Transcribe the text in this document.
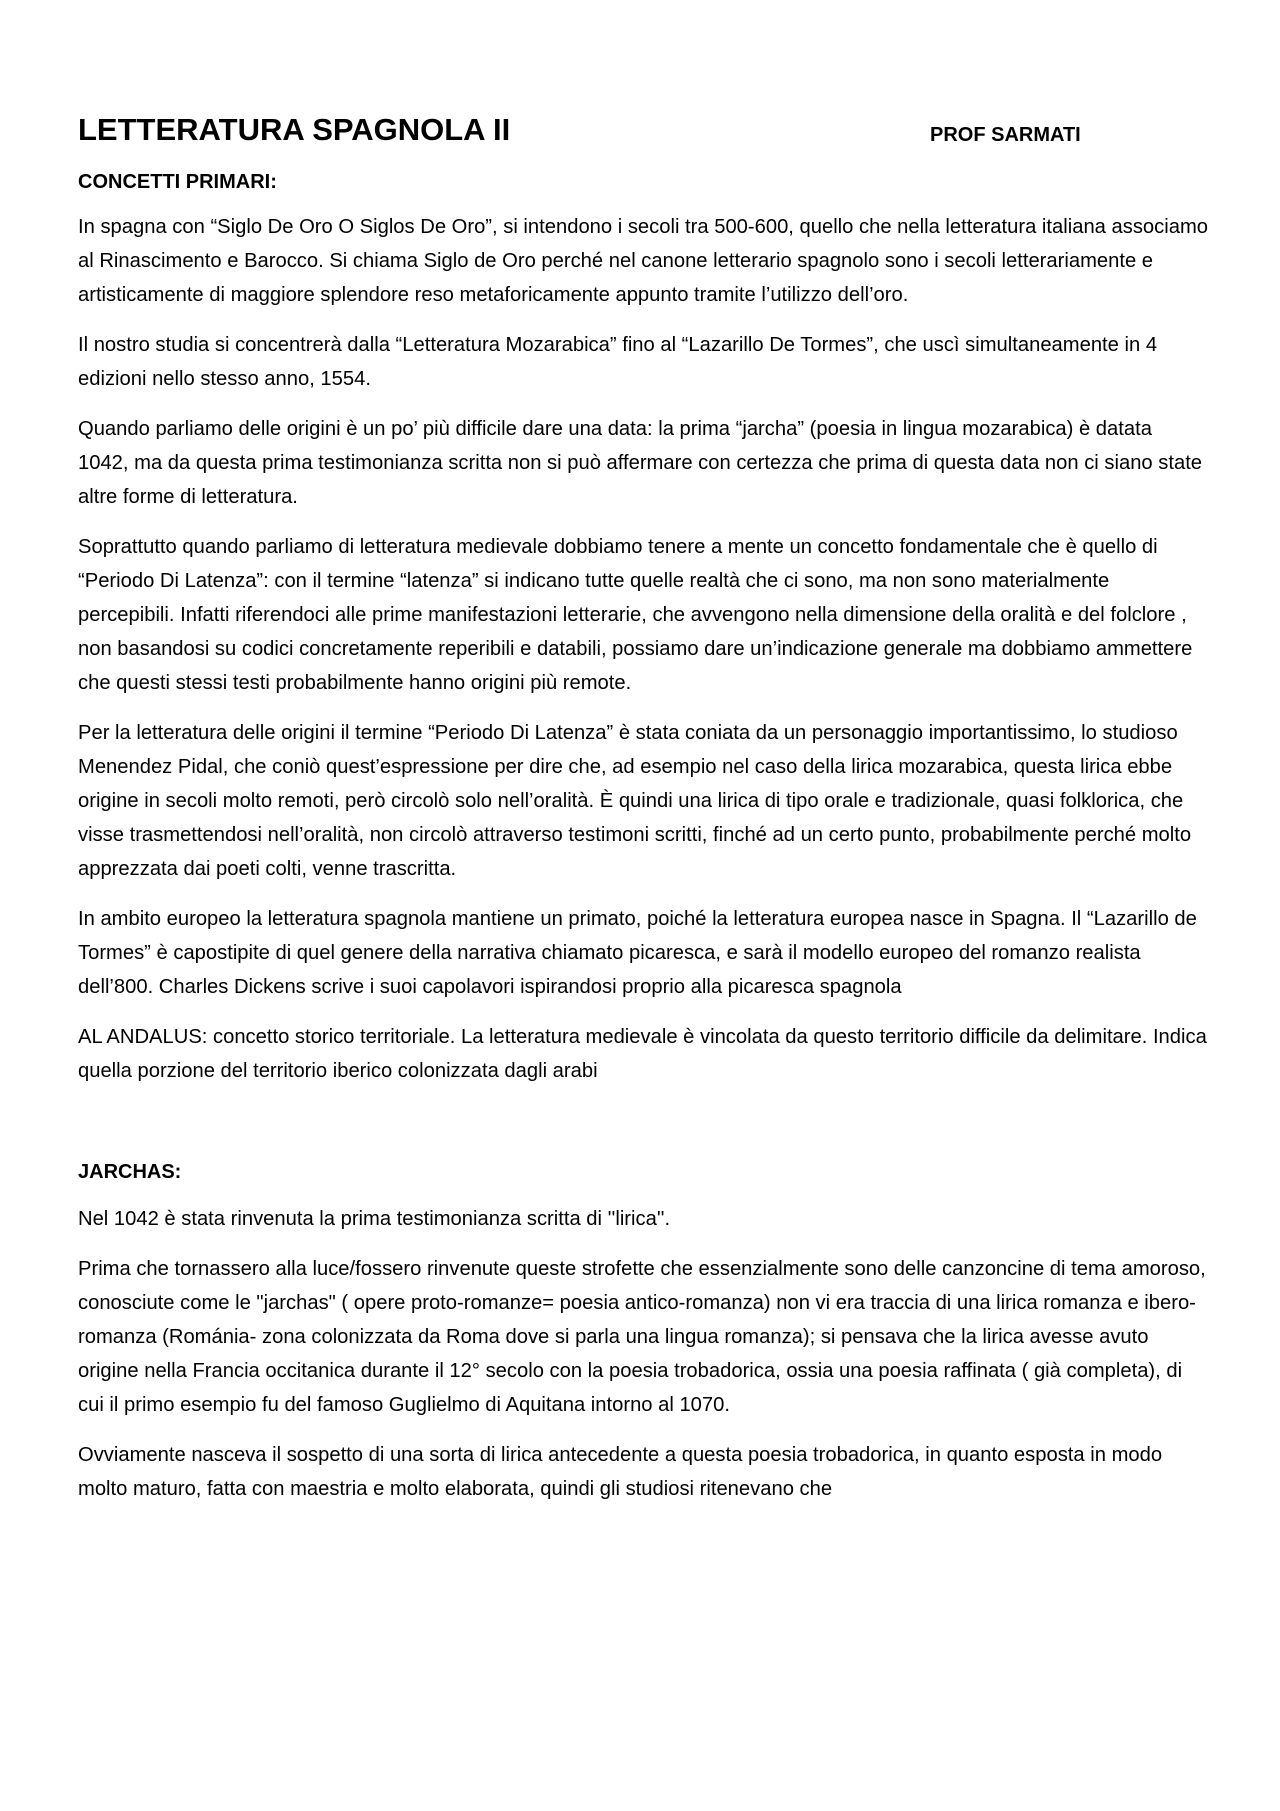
LETTERATURA SPAGNOLA II	PROF SARMATI
CONCETTI PRIMARI:

In spagna con “Siglo De Oro O Siglos De Oro”, si intendono i secoli tra 500-600, quello che nella letteratura italiana associamo al Rinascimento e Barocco. Si chiama Siglo de Oro perché nel canone letterario spagnolo sono i secoli letterariamente e artisticamente di maggiore splendore reso metaforicamente appunto tramite l’utilizzo dell’oro.

Il nostro studia si concentrerà dalla “Letteratura Mozarabica” fino al “Lazarillo De Tormes”, che uscì simultaneamente in 4 edizioni nello stesso anno, 1554.

Quando parliamo delle origini è un po’ più difficile dare una data: la prima “jarcha” (poesia in lingua mozarabica) è datata 1042, ma da questa prima testimonianza scritta non si può affermare con certezza che prima di questa data non ci siano state altre forme di letteratura.

Soprattutto quando parliamo di letteratura medievale dobbiamo tenere a mente un concetto fondamentale che è quello di “Periodo Di Latenza”: con il termine “latenza” si indicano tutte quelle realtà che ci sono, ma non sono materialmente percepibili. Infatti riferendoci alle prime manifestazioni letterarie, che avvengono nella dimensione della oralità e del folclore , non basandosi su codici concretamente reperibili e databili, possiamo dare un’indicazione generale ma dobbiamo ammettere che questi stessi testi probabilmente hanno origini più remote.

Per la letteratura delle origini il termine “Periodo Di Latenza” è stata coniata da un personaggio importantissimo, lo studioso Menendez Pidal, che coniò quest’espressione per dire che, ad esempio nel caso della lirica mozarabica, questa lirica ebbe origine in secoli molto remoti, però circolò solo nell’oralità. È quindi una lirica di tipo orale e tradizionale, quasi folklorica, che visse trasmettendosi nell’oralità, non circolò attraverso testimoni scritti, finché ad un certo punto, probabilmente perché molto apprezzata dai poeti colti, venne trascritta.

In ambito europeo la letteratura spagnola mantiene un primato, poiché la letteratura europea nasce in Spagna. Il “Lazarillo de Tormes” è capostipite di quel genere della narrativa chiamato picaresca, e sarà il modello europeo del romanzo realista dell’800. Charles Dickens scrive i suoi capolavori ispirandosi proprio alla picaresca spagnola

AL ANDALUS: concetto storico territoriale. La letteratura medievale è vincolata da questo territorio difficile da delimitare. Indica quella porzione del territorio iberico colonizzata dagli arabi

JARCHAS:

Nel 1042 è stata rinvenuta la prima testimonianza scritta di ''lirica''.

Prima che tornassero alla luce/fossero rinvenute queste strofette che essenzialmente sono delle canzoncine di tema amoroso, conosciute come le "jarchas" ( opere proto-romanze= poesia antico-romanza) non vi era traccia di una lirica romanza e ibero-romanza (Románia- zona colonizzata da Roma dove si parla una lingua romanza); si pensava che la lirica avesse avuto origine nella Francia occitanica durante il 12° secolo con la poesia trobadorica, ossia una poesia raffinata ( già completa), di cui il primo esempio fu del famoso Guglielmo di Aquitana intorno al 1070.

Ovviamente nasceva il sospetto di una sorta di lirica antecedente a questa poesia trobadorica, in quanto esposta in modo molto maturo, fatta con maestria e molto elaborata, quindi gli studiosi ritenevano che
